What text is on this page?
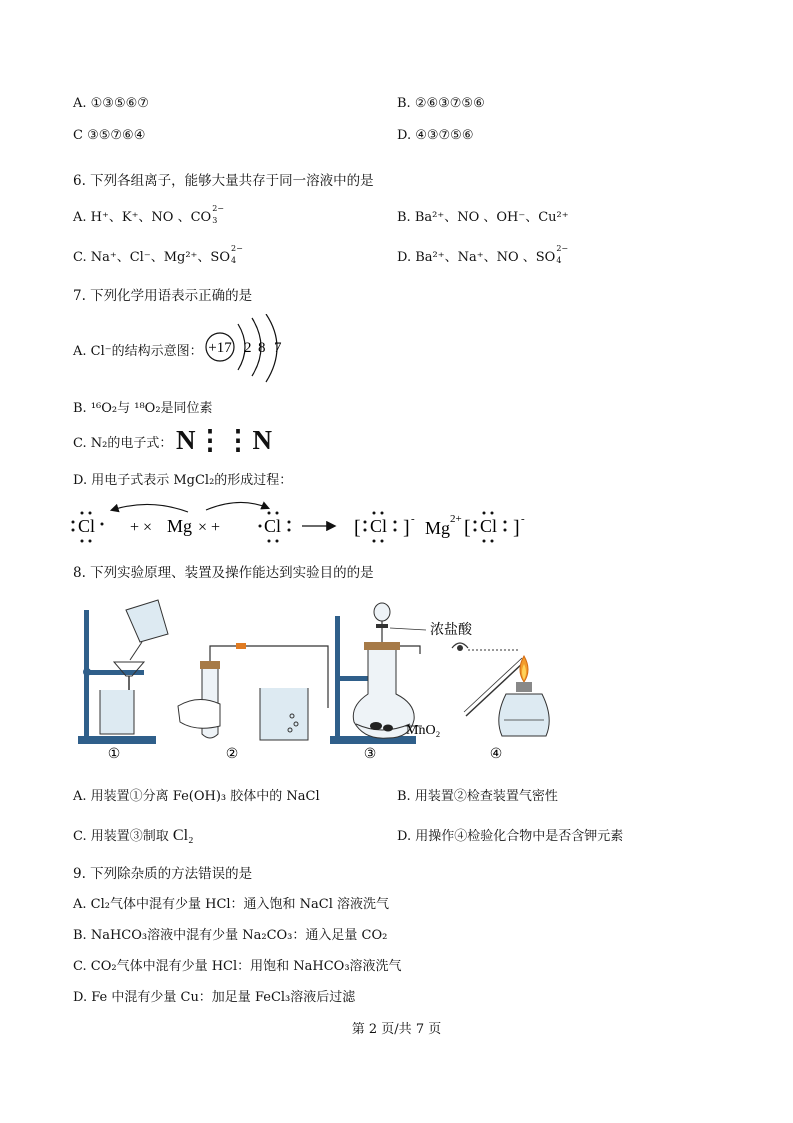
A. ①③⑤⑥⑦	B. ②⑥③⑦⑤⑥
C ③⑤⑦⑥④	D. ④③⑦⑤⑥
6. 下列各组离子，能够大量共存于同一溶液中的是
A. H⁺、K⁺、NO 、CO
2−
3	B. Ba²⁺、NO 、OH⁻、Cu²⁺
C. Na⁺、Cl⁻、Mg²⁺、SO
2−
4	D. Ba²⁺、Na⁺、NO 、SO
2−
4
7. 下列化学用语表示正确的是
A. Cl⁻的结构示意图： +17 2 8 7
B. ¹⁶O₂与 ¹⁸O₂是同位素
C. N₂的电子式： N⋮⋮N
D. 用电子式表示 MgCl₂的形成过程：
Cl + × Mg × + Cl	[ Cl ] - Mg 2+ [ Cl ] -
8. 下列实验原理、装置及操作能达到实验目的的是
浓盐酸
MnO₂
①	②	③	④
A. 用装置①分离 Fe(OH)₃ 胶体中的 NaCl	B. 用装置②检查装置气密性
C. 用装置③制取 Cl₂	D. 用操作④检验化合物中是否含钾元素
9. 下列除杂质的方法错误的是
A. Cl₂气体中混有少量 HCl：通入饱和 NaCl 溶液洗气
B. NaHCO₃溶液中混有少量 Na₂CO₃：通入足量 CO₂
C. CO₂气体中混有少量 HCl：用饱和 NaHCO₃溶液洗气
D. Fe 中混有少量 Cu：加足量 FeCl₃溶液后过滤
第 2 页/共 7 页
